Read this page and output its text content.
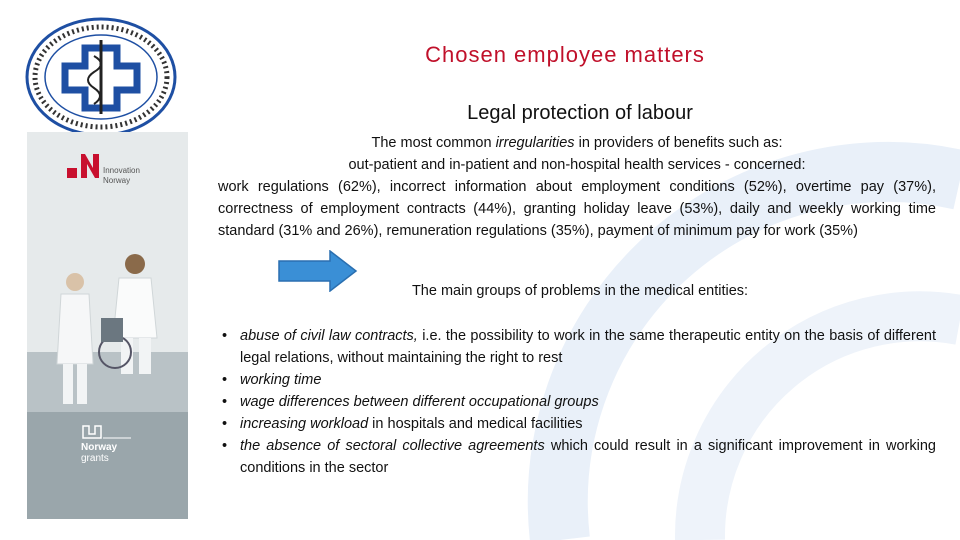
Innovation
Norway
Norway
grants
Chosen employee matters
Legal protection of labour
The most common irregularities in providers of benefits such as:
out-patient and in-patient and non-hospital health services - concerned:
work regulations (62%), incorrect information about employment conditions (52%), overtime pay (37%), correctness of employment contracts (44%), granting holiday leave (53%), daily and weekly working time standard (31% and 26%), remuneration regulations (35%), payment of minimum pay for work (35%)
The main groups of problems in the medical entities:
• abuse of civil law contracts, i.e. the possibility to work in the same therapeutic entity on the basis of different legal relations, without maintaining the right to rest
• working time
• wage differences between different occupational groups
• increasing workload in hospitals and medical facilities
• the absence of sectoral collective agreements which could result in a significant improvement in working conditions in the sector
